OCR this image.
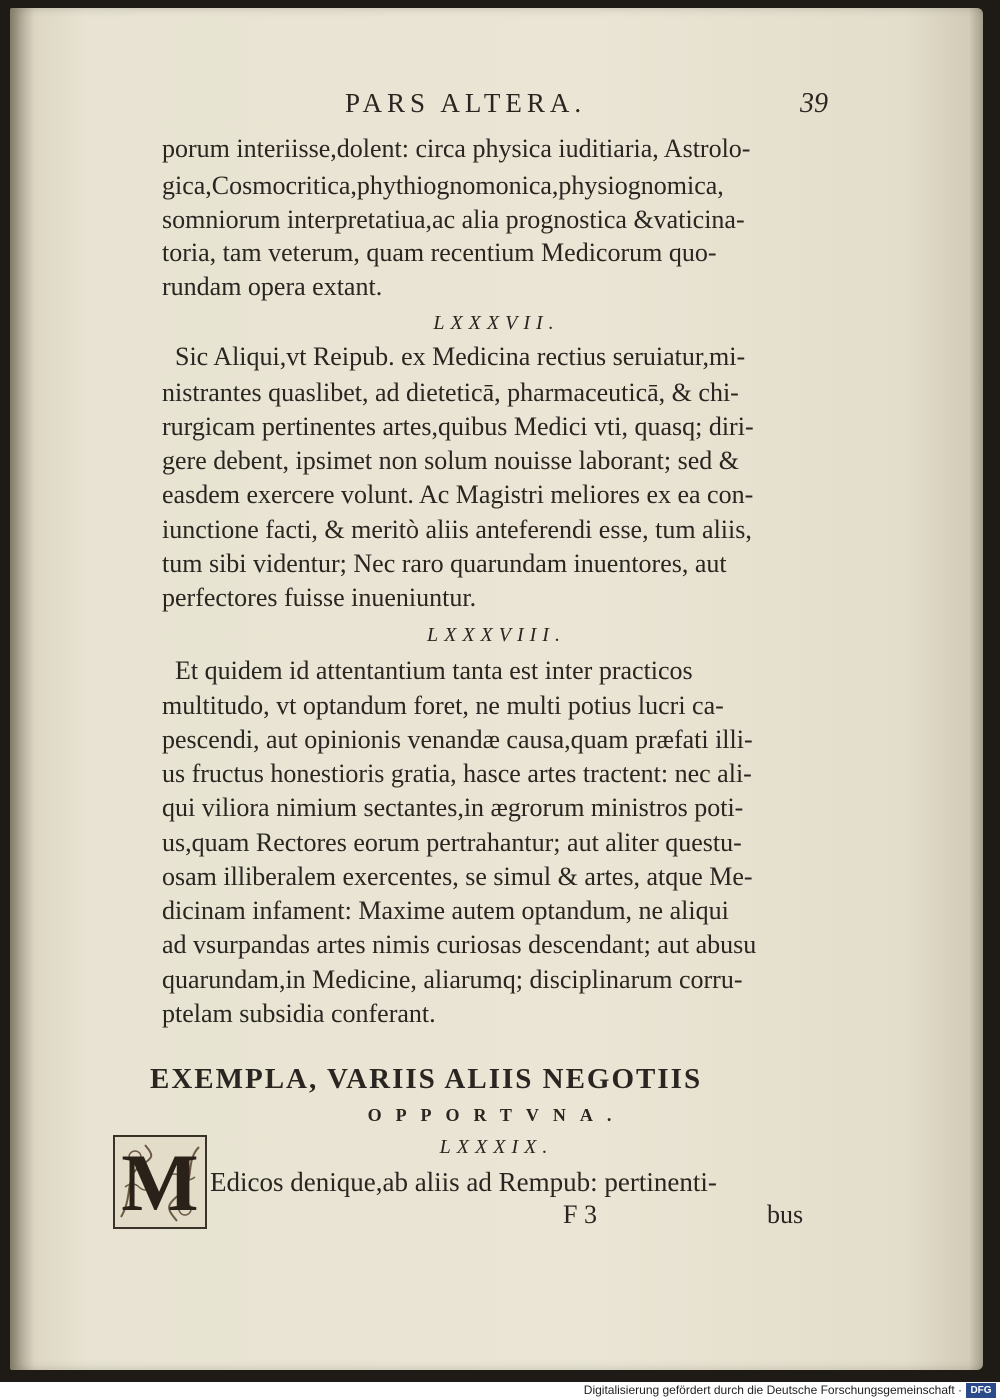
PARS ALTERA.	39

porum interiisse,dolent: circa physica iuditiaria, Astrolo-

gica,Cosmocritica,phythiognomonica,physiognomica,

somniorum interpretatiua,ac alia prognostica &vaticina-

toria, tam veterum, quam recentium Medicorum quo-

rundam opera extant.

LXXXVII.

Sic Aliqui,vt Reipub. ex Medicina rectius seruiatur,mi-

nistrantes quaslibet, ad dieteticā, pharmaceuticā, & chi-

rurgicam pertinentes artes,quibus Medici vti, quasq; diri-

gere debent, ipsimet non solum nouisse laborant; sed &

easdem exercere volunt. Ac Magistri meliores ex ea con-

iunctione facti, & meritò aliis anteferendi esse, tum aliis,

tum sibi videntur; Nec raro quarundam inuentores, aut

perfectores fuisse inueniuntur.

LXXXVIII.

Et quidem id attentantium tanta est inter practicos

multitudo, vt optandum foret, ne multi potius lucri ca-

pescendi, aut opinionis venandæ causa,quam præfati illi-

us fructus honestioris gratia, hasce artes tractent: nec ali-

qui viliora nimium sectantes,in ægrorum ministros poti-

us,quam Rectores eorum pertrahantur; aut aliter questu-

osam illiberalem exercentes, se simul & artes, atque Me-

dicinam infament: Maxime autem optandum, ne aliqui

ad vsurpandas artes nimis curiosas descendant; aut abusu

quarundam,in Medicine, aliarumq; disciplinarum corru-

ptelam subsidia conferant.

EXEMPLA, VARIIS ALIIS NEGOTIIS

OPPORTVNA.

LXXXIX.

M Edicos denique,ab aliis ad Rempub: pertinenti-

F 3	bus

Digitalisierung gefördert durch die Deutsche Forschungsgemeinschaft · DFG
